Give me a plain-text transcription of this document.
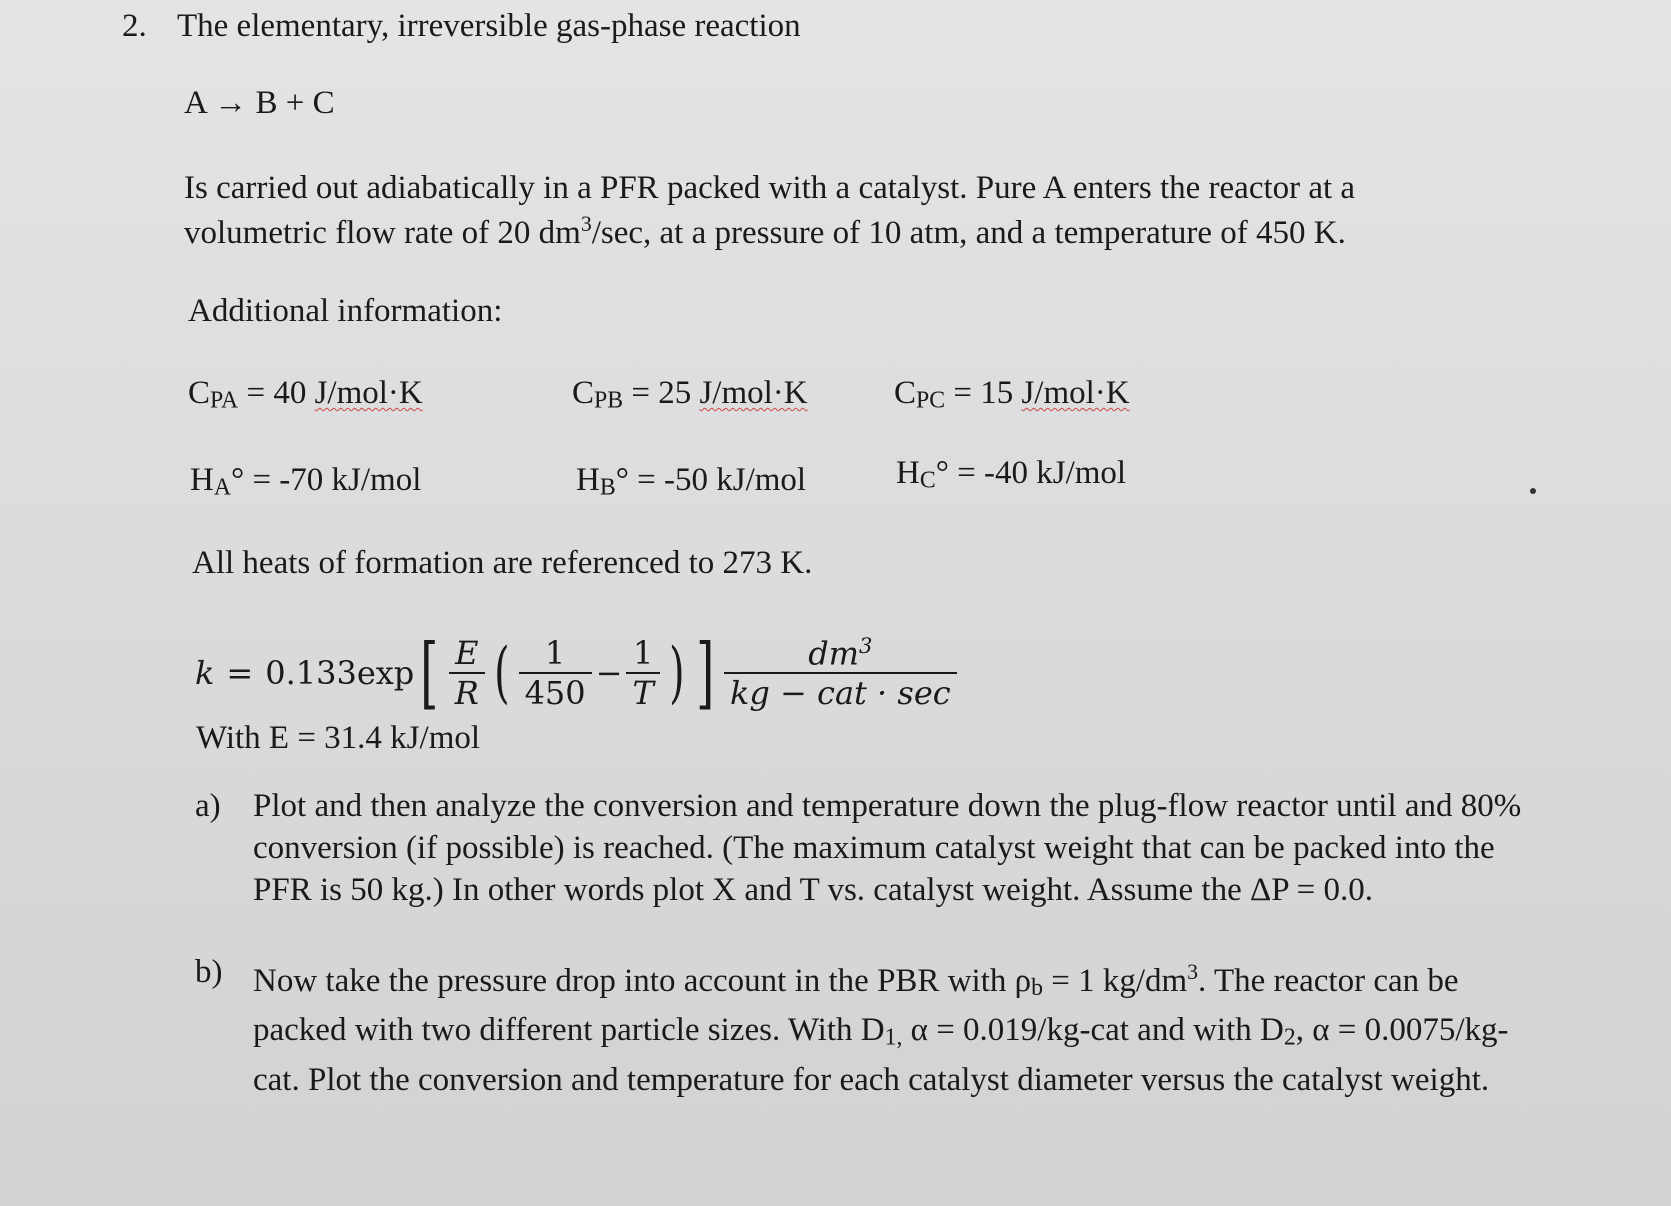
2. The elementary, irreversible gas-phase reaction
A → B + C
Is carried out adiabatically in a PFR packed with a catalyst. Pure A enters the reactor at a
volumetric flow rate of 20 $dm^3/\sec$, at a pressure of 10 atm, and a temperature of 450 K.
Additional information:
CPA = 40 J/mol·K	CPB = 25 J/mol·K	CPC = 15 J/mol·K
HA° = -70 kJ/mol	HB° = -50 kJ/mol	HC° = -40 kJ/mol
All heats of formation are referenced to 273 K.
k = 0.133exp [ $\frac{E}{R}$ ( $\frac{1}{450} - \frac{1}{T}$ ) ] $\frac{dm^3}{\text{kg − cat · sec}}$
With E = 31.4 kJ/mol
a) Plot and then analyze the conversion and temperature down the plug-flow reactor until and 80% conversion (if possible) is reached. (The maximum catalyst weight that can be packed into the PFR is 50 kg.) In other words plot X and T vs. catalyst weight. Assume the ΔP = 0.0.
b) Now take the pressure drop into account in the PBR with ρb = 1 $kg/dm^3$. The reactor can be packed with two different particle sizes. With D1, α = 0.019/kg-cat and with D2, α = 0.0075/kg-cat. Plot the conversion and temperature for each catalyst diameter versus the catalyst weight.
